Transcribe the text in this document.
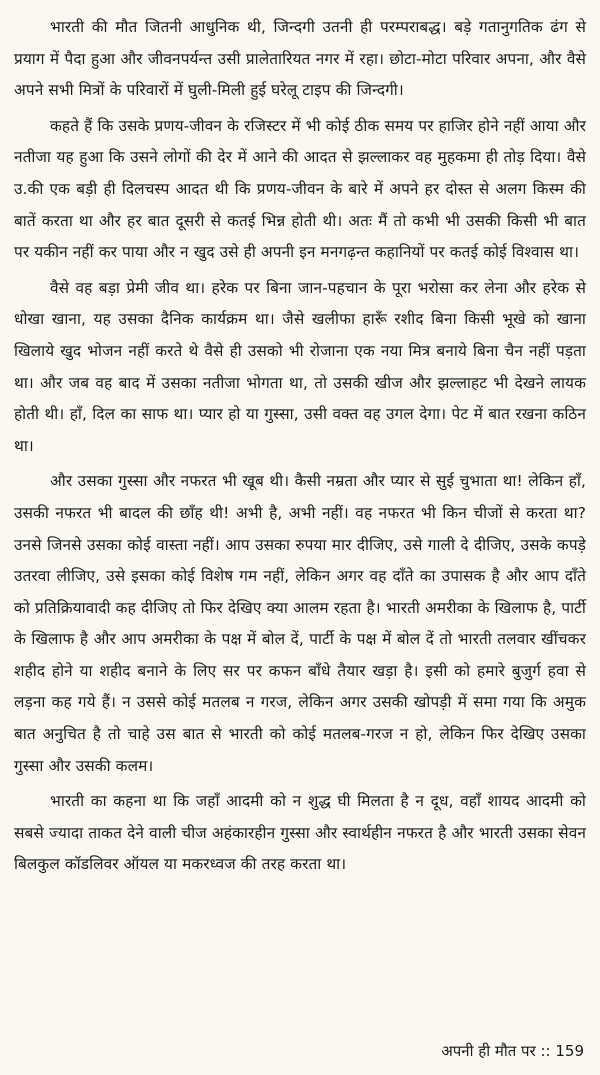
भारती की मौत जितनी आधुनिक थी, जिन्दगी उतनी ही परम्पराबद्ध। बड़े गतानुगतिक ढंग से प्रयाग में पैदा हुआ और जीवनपर्यन्त उसी प्रालेतारियत नगर में रहा। छोटा-मोटा परिवार अपना, और वैसे अपने सभी मित्रों के परिवारों में घुली-मिली हुई घरेलू टाइप की जिन्दगी।

कहते हैं कि उसके प्रणय-जीवन के रजिस्टर में भी कोई ठीक समय पर हाजिर होने नहीं आया और नतीजा यह हुआ कि उसने लोगों की देर में आने की आदत से झल्लाकर वह मुहकमा ही तोड़ दिया। वैसे उ.की एक बड़ी ही दिलचस्प आदत थी कि प्रणय-जीवन के बारे में अपने हर दोस्त से अलग किस्म की बातें करता था और हर बात दूसरी से कतई भिन्न होती थी। अतः मैं तो कभी भी उसकी किसी भी बात पर यकीन नहीं कर पाया और न खुद उसे ही अपनी इन मनगढ़न्त कहानियों पर कतई कोई विश्वास था।

वैसे वह बड़ा प्रेमी जीव था। हरेक पर बिना जान-पहचान के पूरा भरोसा कर लेना और हरेक से धोखा खाना, यह उसका दैनिक कार्यक्रम था। जैसे खलीफा हारूँ रशीद बिना किसी भूखे को खाना खिलाये खुद भोजन नहीं करते थे वैसे ही उसको भी रोजाना एक नया मित्र बनाये बिना चैन नहीं पड़ता था। और जब वह बाद में उसका नतीजा भोगता था, तो उसकी खीज और झल्लाहट भी देखने लायक होती थी। हाँ, दिल का साफ था। प्यार हो या गुस्सा, उसी वक्त वह उगल देगा। पेट में बात रखना कठिन था।

और उसका गुस्सा और नफरत भी खूब थी। कैसी नम्रता और प्यार से सुई चुभाता था! लेकिन हाँ, उसकी नफरत भी बादल की छाँह थी! अभी है, अभी नहीं। वह नफरत भी किन चीजों से करता था? उनसे जिनसे उसका कोई वास्ता नहीं। आप उसका रुपया मार दीजिए, उसे गाली दे दीजिए, उसके कपड़े उतरवा लीजिए, उसे इसका कोई विशेष गम नहीं, लेकिन अगर वह दाँते का उपासक है और आप दाँते को प्रतिक्रियावादी कह दीजिए तो फिर देखिए क्या आलम रहता है। भारती अमरीका के खिलाफ है, पार्टी के खिलाफ है और आप अमरीका के पक्ष में बोल दें, पार्टी के पक्ष में बोल दें तो भारती तलवार खींचकर शहीद होने या शहीद बनाने के लिए सर पर कफन बाँधे तैयार खड़ा है। इसी को हमारे बुजुर्ग हवा से लड़ना कह गये हैं। न उससे कोई मतलब न गरज, लेकिन अगर उसकी खोपड़ी में समा गया कि अमुक बात अनुचित है तो चाहे उस बात से भारती को कोई मतलब-गरज न हो, लेकिन फिर देखिए उसका गुस्सा और उसकी कलम।

भारती का कहना था कि जहाँ आदमी को न शुद्ध घी मिलता है न दूध, वहाँ शायद आदमी को सबसे ज्यादा ताकत देने वाली चीज अहंकारहीन गुस्सा और स्वार्थहीन नफरत है और भारती उसका सेवन बिलकुल कॉडलिवर ऑयल या मकरध्वज की तरह करता था।

अपनी ही मौत पर :: 159
